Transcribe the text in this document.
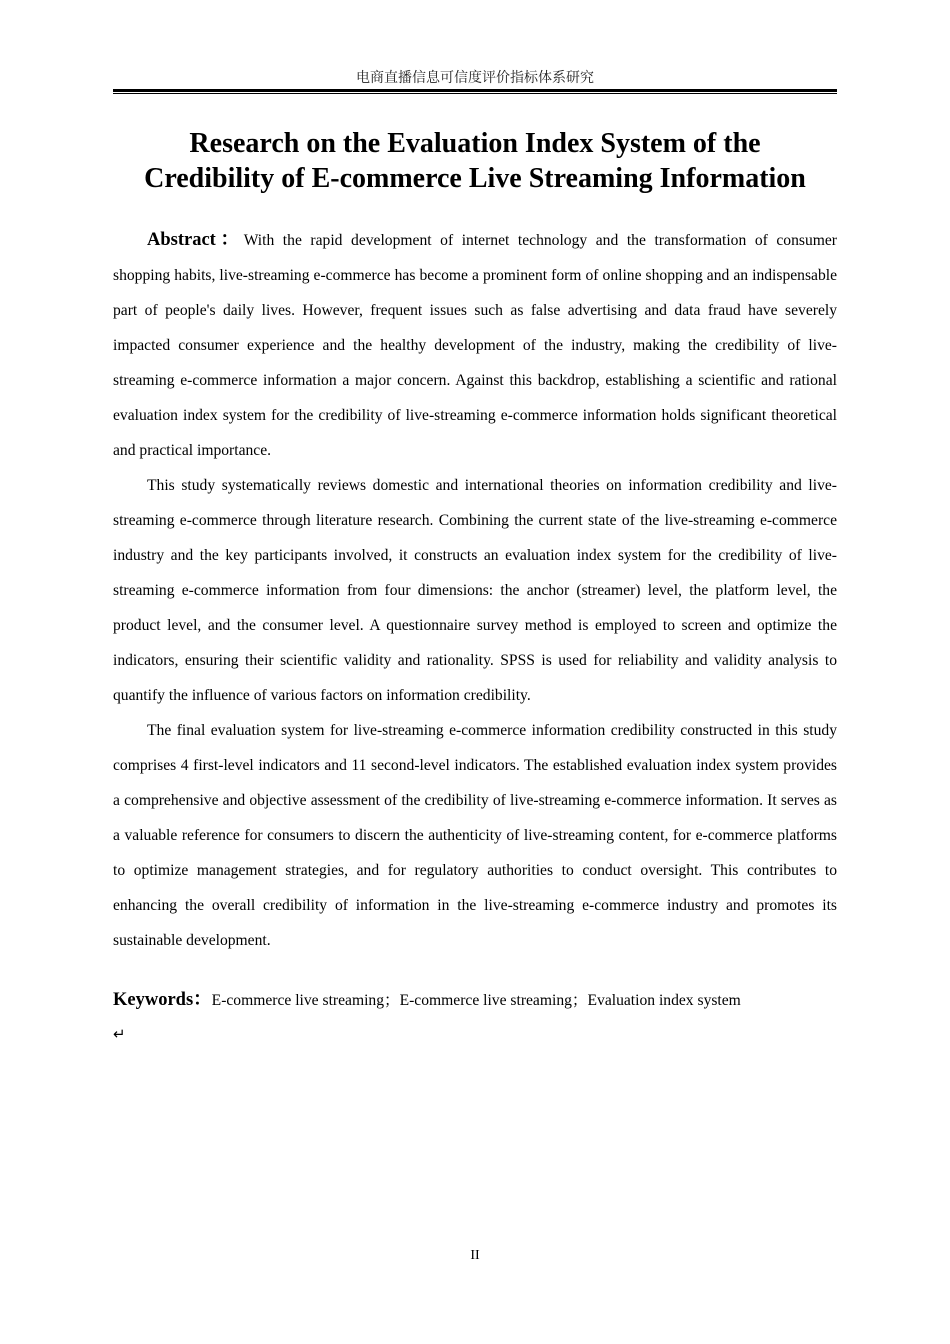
电商直播信息可信度评价指标体系研究
Research on the Evaluation Index System of the
Credibility of E-commerce Live Streaming Information

Abstract：With the rapid development of internet technology and the transformation of consumer shopping habits, live-streaming e-commerce has become a prominent form of online shopping and an indispensable part of people's daily lives. However, frequent issues such as false advertising and data fraud have severely impacted consumer experience and the healthy development of the industry, making the credibility of live-streaming e-commerce information a major concern. Against this backdrop, establishing a scientific and rational evaluation index system for the credibility of live-streaming e-commerce information holds significant theoretical and practical importance.

This study systematically reviews domestic and international theories on information credibility and live-streaming e-commerce through literature research. Combining the current state of the live-streaming e-commerce industry and the key participants involved, it constructs an evaluation index system for the credibility of live-streaming e-commerce information from four dimensions: the anchor (streamer) level, the platform level, the product level, and the consumer level. A questionnaire survey method is employed to screen and optimize the indicators, ensuring their scientific validity and rationality. SPSS is used for reliability and validity analysis to quantify the influence of various factors on information credibility.

The final evaluation system for live-streaming e-commerce information credibility constructed in this study comprises 4 first-level indicators and 11 second-level indicators. The established evaluation index system provides a comprehensive and objective assessment of the credibility of live-streaming e-commerce information. It serves as a valuable reference for consumers to discern the authenticity of live-streaming content, for e-commerce platforms to optimize management strategies, and for regulatory authorities to conduct oversight. This contributes to enhancing the overall credibility of information in the live-streaming e-commerce industry and promotes its sustainable development.

Keywords：E-commerce live streaming；E-commerce live streaming；Evaluation index system
↵
II
